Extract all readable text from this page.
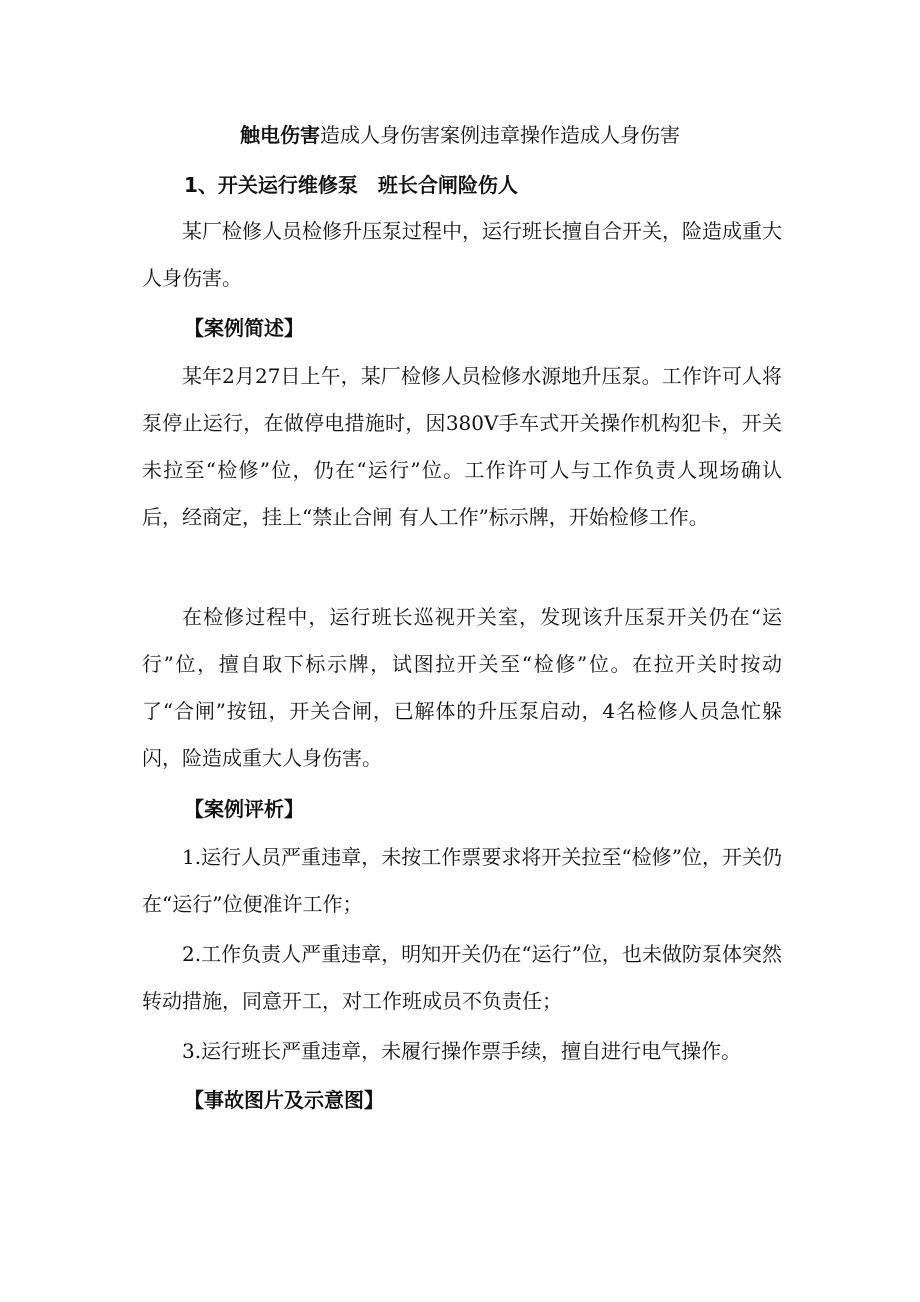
触电伤害造成人身伤害案例违章操作造成人身伤害
1、开关运行维修泵　班长合闸险伤人

某厂检修人员检修升压泵过程中，运行班长擅自合开关，险造成重大人身伤害。

【案例简述】

某年2月27日上午，某厂检修人员检修水源地升压泵。工作许可人将泵停止运行，在做停电措施时，因380V手车式开关操作机构犯卡，开关未拉至“检修”位，仍在“运行”位。工作许可人与工作负责人现场确认后，经商定，挂上“禁止合闸 有人工作”标示牌，开始检修工作。

在检修过程中，运行班长巡视开关室，发现该升压泵开关仍在“运行”位，擅自取下标示牌，试图拉开关至“检修”位。在拉开关时按动了“合闸”按钮，开关合闸，已解体的升压泵启动，4名检修人员急忙躲闪，险造成重大人身伤害。

【案例评析】

1.运行人员严重违章，未按工作票要求将开关拉至“检修”位，开关仍在“运行”位便准许工作；

2.工作负责人严重违章，明知开关仍在“运行”位，也未做防泵体突然转动措施，同意开工，对工作班成员不负责任；

3.运行班长严重违章，未履行操作票手续，擅自进行电气操作。

【事故图片及示意图】
